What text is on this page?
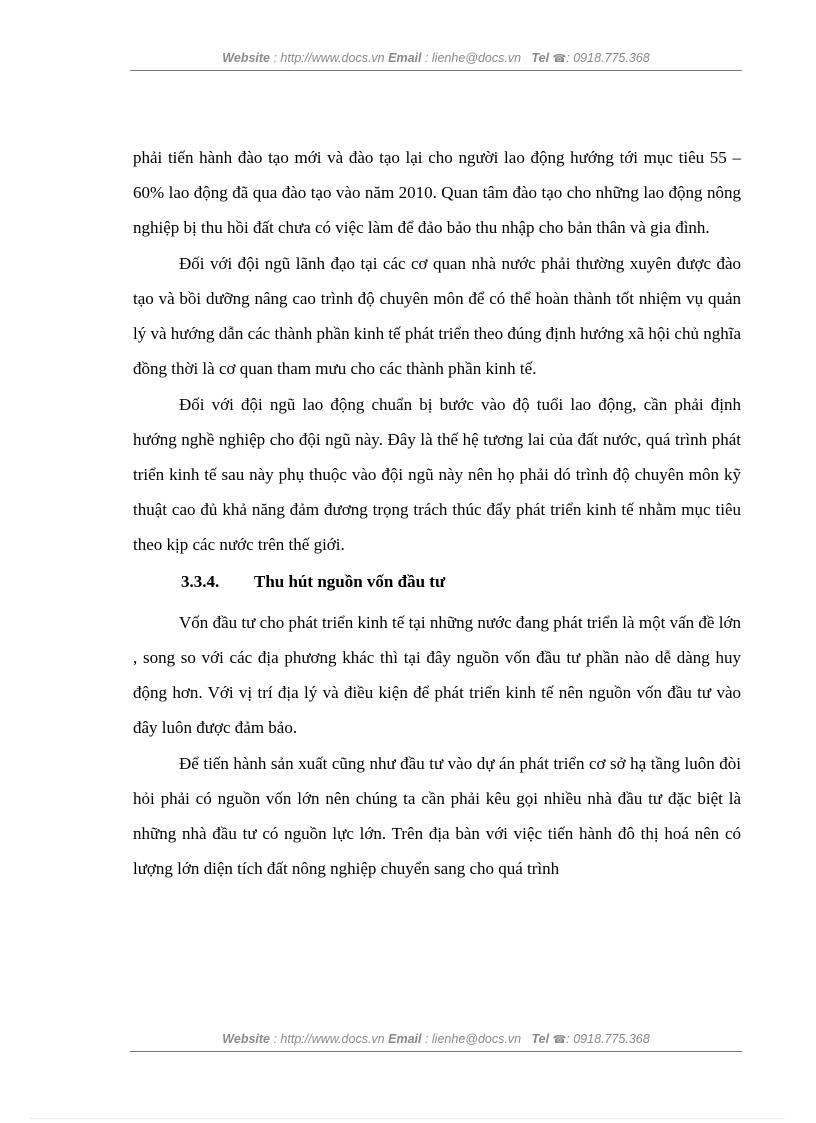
Website : http://www.docs.vn Email : lienhe@docs.vn Tel ☎: 0918.775.368

phải tiến hành đào tạo mới và đào tạo lại cho người lao động hướng tới mục tiêu 55 – 60% lao động đã qua đào tạo vào năm 2010. Quan tâm đào tạo cho những lao động nông nghiệp bị thu hồi đất chưa có việc làm để đảo bảo thu nhập cho bản thân và gia đình.

Đối với đội ngũ lãnh đạo tại các cơ quan nhà nước phải thường xuyên được đào tạo và bồi dưỡng nâng cao trình độ chuyên môn để có thể hoàn thành tốt nhiệm vụ quản lý và hướng dẫn các thành phần kinh tế phát triển theo đúng định hướng xã hội chủ nghĩa đồng thời là cơ quan tham mưu cho các thành phần kinh tế.

Đối với đội ngũ lao động chuẩn bị bước vào độ tuổi lao động, cần phải định hướng nghề nghiệp cho đội ngũ này. Đây là thế hệ tương lai của đất nước, quá trình phát triển kinh tế sau này phụ thuộc vào đội ngũ này nên họ phải dó trình độ chuyên môn kỹ thuật cao đủ khả năng đảm đương trọng trách thúc đẩy phát triển kinh tế nhằm mục tiêu theo kịp các nước trên thế giới.

3.3.4. Thu hút nguồn vốn đầu tư

Vốn đầu tư cho phát triển kinh tế tại những nước đang phát triển là một vấn đề lớn , song so với các địa phương khác thì tại đây nguồn vốn đầu tư phần nào dễ dàng huy động hơn. Với vị trí địa lý và điều kiện để phát triển kinh tế nên nguồn vốn đầu tư vào đây luôn được đảm bảo.

Để tiến hành sản xuất cũng như đầu tư vào dự án phát triển cơ sở hạ tầng luôn đòi hỏi phải có nguồn vốn lớn nên chúng ta cần phải kêu gọi nhiều nhà đầu tư đặc biệt là những nhà đầu tư có nguồn lực lớn. Trên địa bàn với việc tiến hành đô thị hoá nên có lượng lớn diện tích đất nông nghiệp chuyển sang cho quá trình

Website : http://www.docs.vn Email : lienhe@docs.vn Tel ☎: 0918.775.368
